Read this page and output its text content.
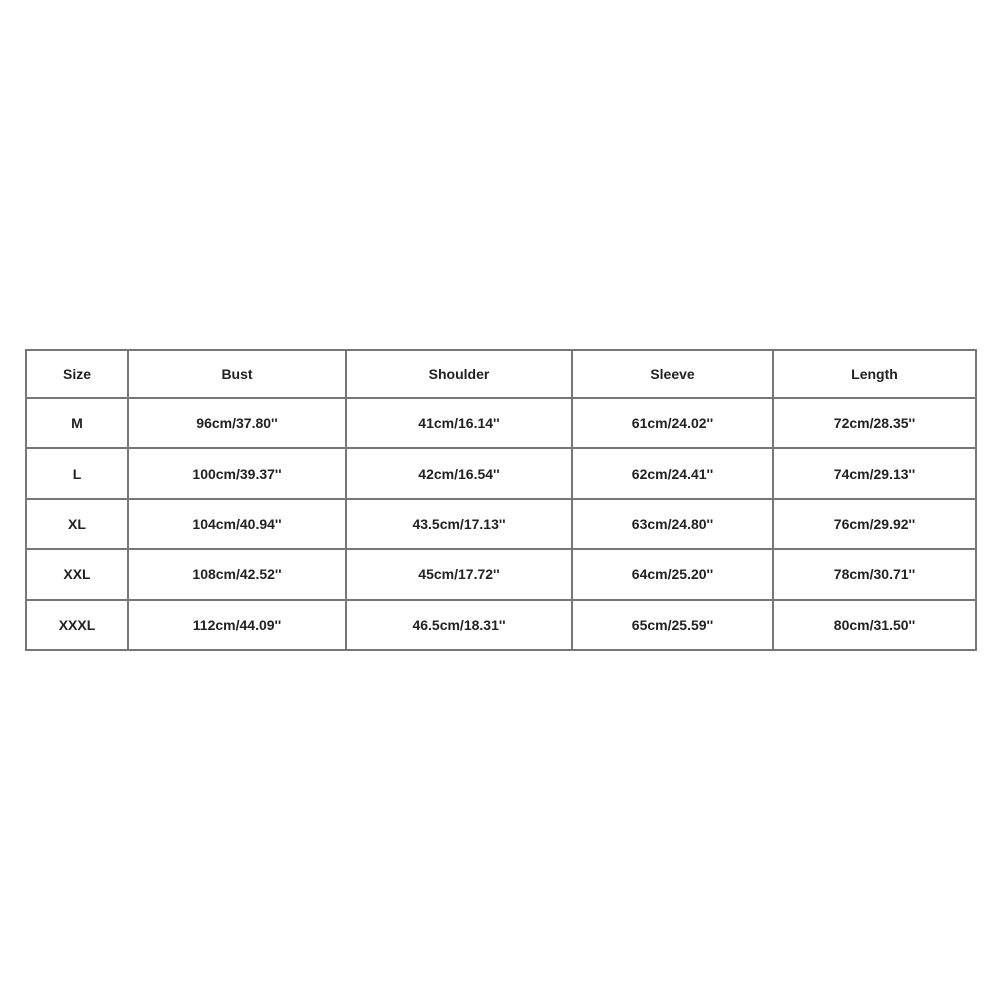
Size	Bust	Shoulder	Sleeve	Length
M	96cm/37.80''	41cm/16.14''	61cm/24.02''	72cm/28.35''
L	100cm/39.37''	42cm/16.54''	62cm/24.41''	74cm/29.13''
XL	104cm/40.94''	43.5cm/17.13''	63cm/24.80''	76cm/29.92''
XXL	108cm/42.52''	45cm/17.72''	64cm/25.20''	78cm/30.71''
XXXL	112cm/44.09''	46.5cm/18.31''	65cm/25.59''	80cm/31.50''
